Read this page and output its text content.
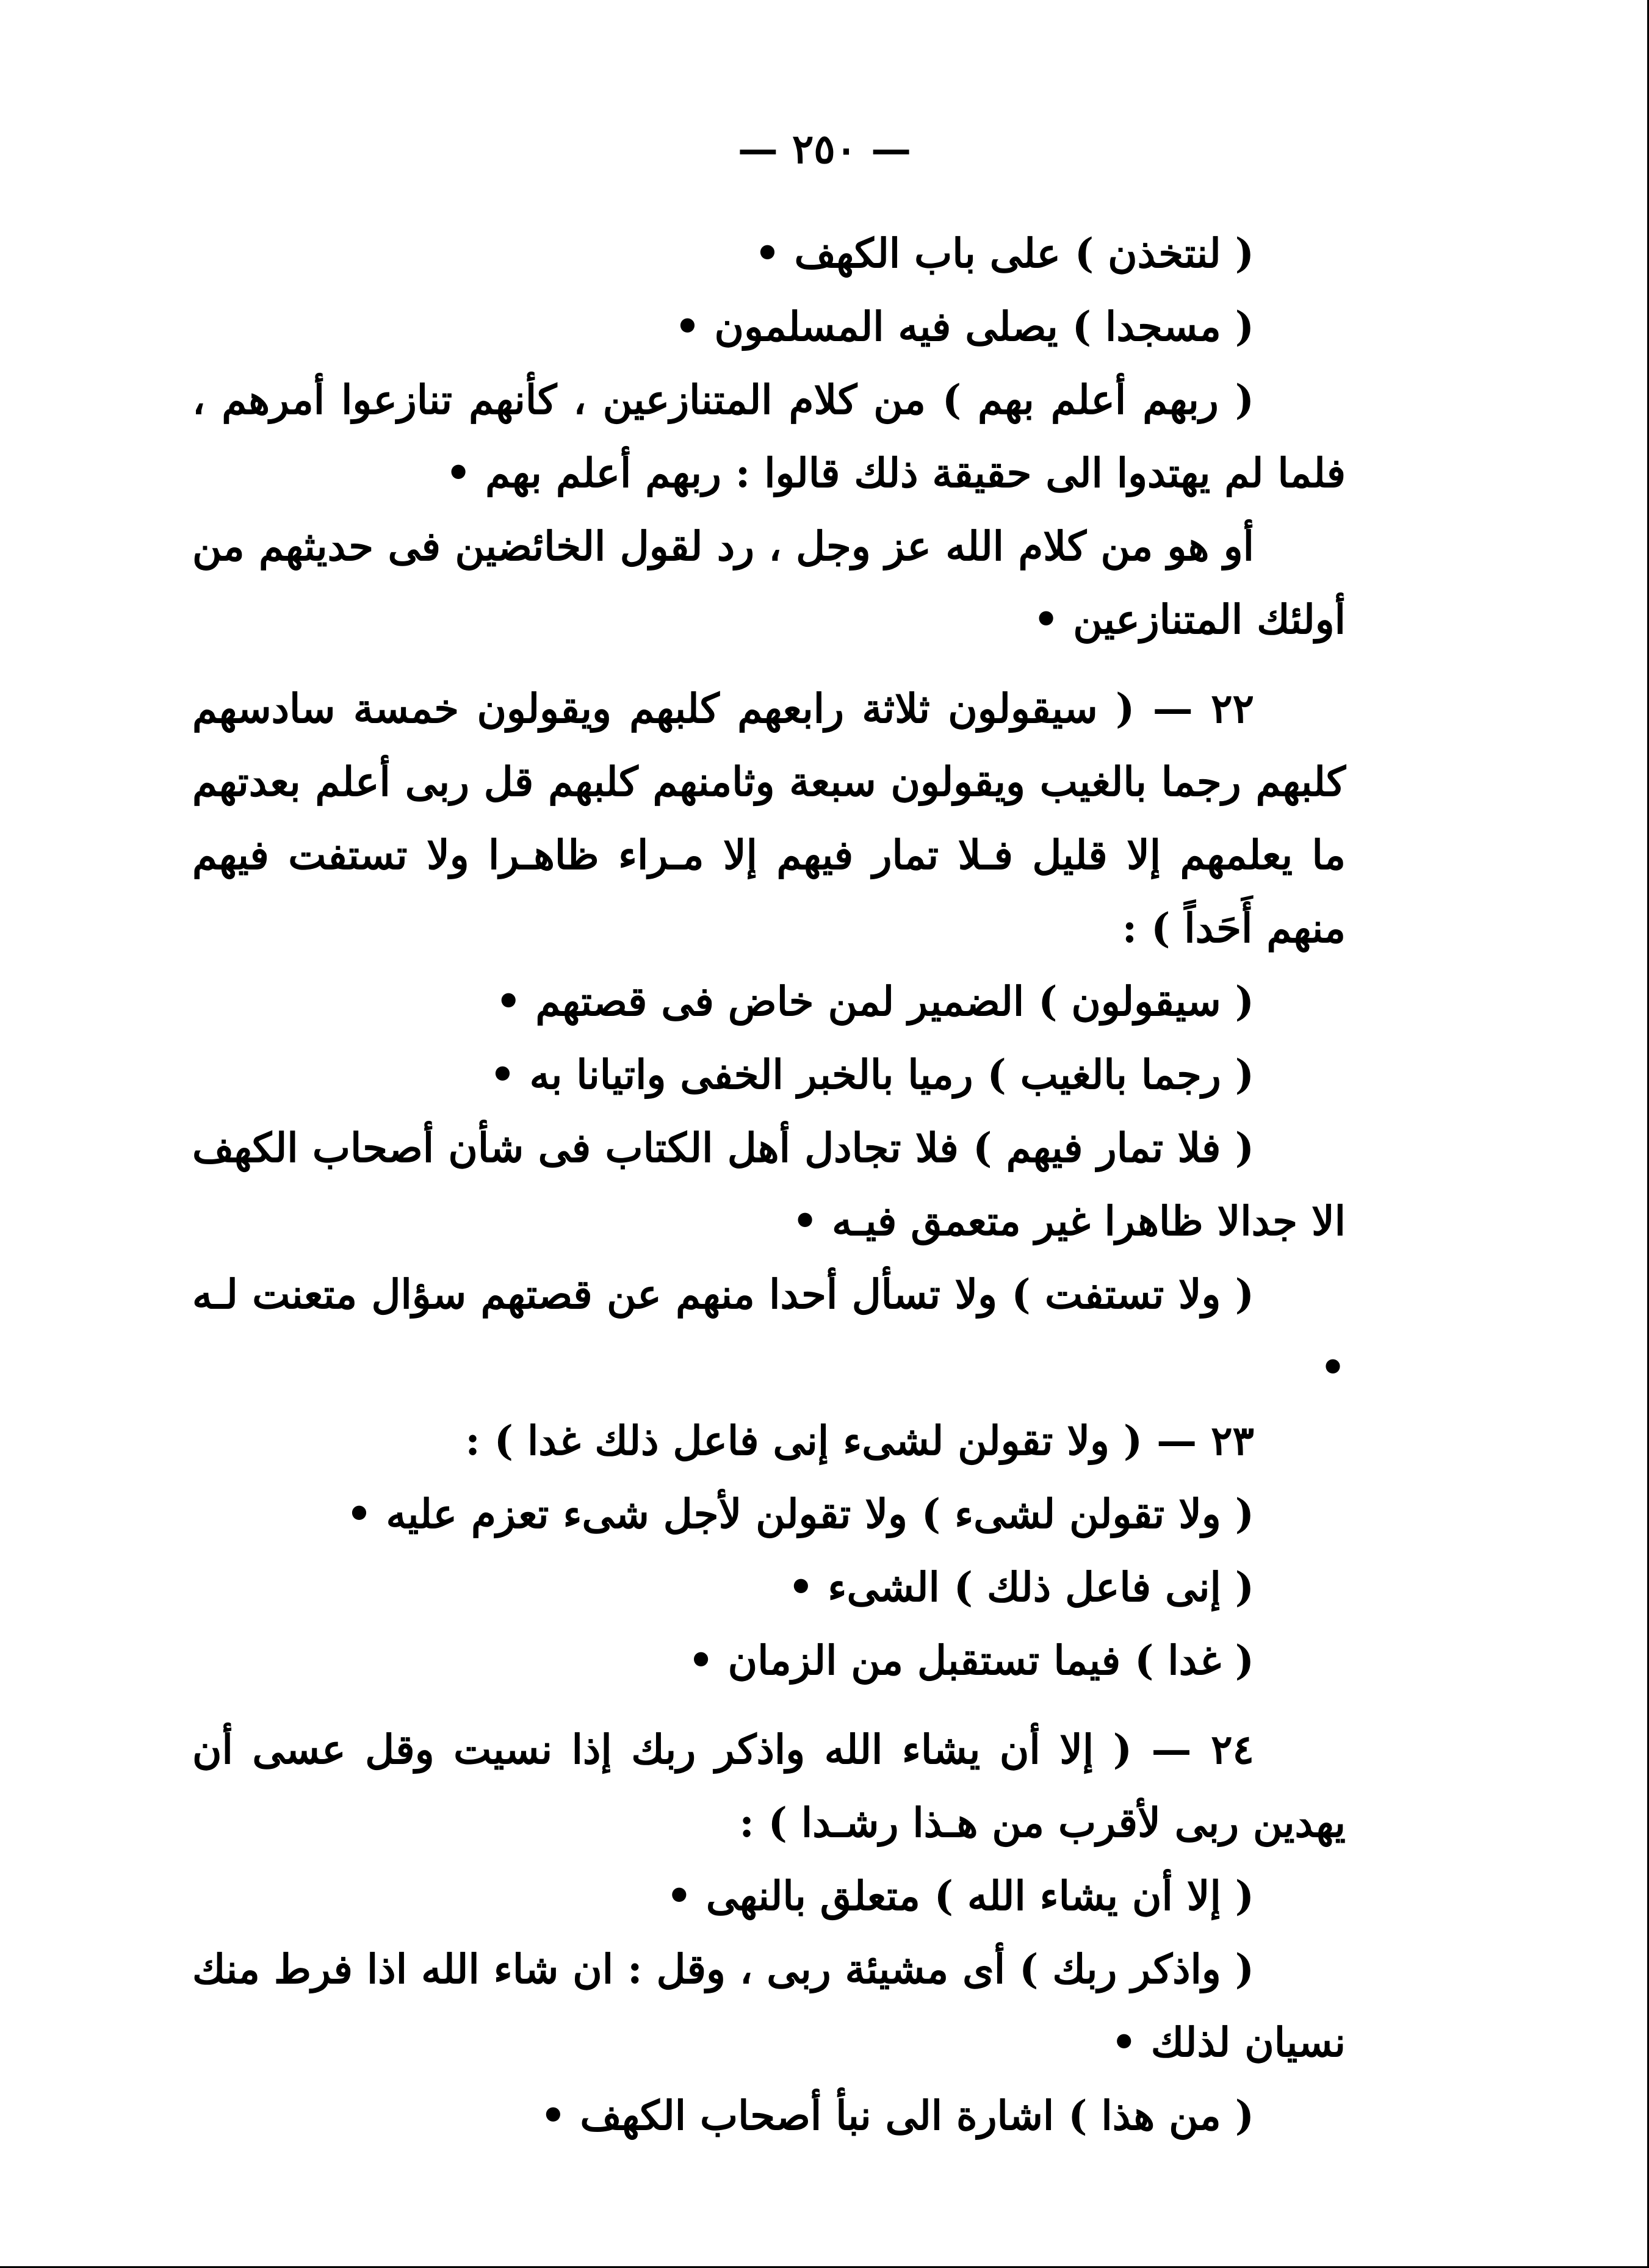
— ٢٥٠ —

( لنتخذن ) على باب الكهف •

( مسجدا ) يصلى فيه المسلمون •

( ربهم أعلم بهم ) من كلام المتنازعين ، كأنهم تنازعوا أمرهم ، فلما لم يهتدوا الى حقيقة ذلك قالوا : ربهم أعلم بهم •

أو هو من كلام الله عز وجل ، رد لقول الخائضين فى حديثهم من أولئك المتنازعين •

٢٢ — ( سيقولون ثلاثة رابعهم كلبهم ويقولون خمسة سادسهم كلبهم رجما بالغيب ويقولون سبعة وثامنهم كلبهم قل ربى أعلم بعدتهم ما يعلمهم إلا قليل فـلا تمار فيهم إلا مـراء ظاهـرا ولا تستفت فيهم منهم أَحَداً ) :

( سيقولون ) الضمير لمن خاض فى قصتهم •

( رجما بالغيب ) رميا بالخبر الخفى واتيانا به •

( فلا تمار فيهم ) فلا تجادل أهل الكتاب فى شأن أصحاب الكهف الا جدالا ظاهرا غير متعمق فيـه •

( ولا تستفت ) ولا تسأل أحدا منهم عن قصتهم سؤال متعنت لـه •

٢٣ — ( ولا تقولن لشىء إنى فاعل ذلك غدا ) :

( ولا تقولن لشىء ) ولا تقولن لأجل شىء تعزم عليه •

( إنى فاعل ذلك ) الشىء •

( غدا ) فيما تستقبل من الزمان •

٢٤ — ( إلا أن يشاء الله واذكر ربك إذا نسيت وقل عسى أن يهدين ربى لأقرب من هـذا رشـدا ) :

( إلا أن يشاء الله ) متعلق بالنهى •

( واذكر ربك ) أى مشيئة ربى ، وقل : ان شاء الله اذا فرط منك نسيان لذلك •

( من هذا ) اشارة الى نبأ أصحاب الكهف •
